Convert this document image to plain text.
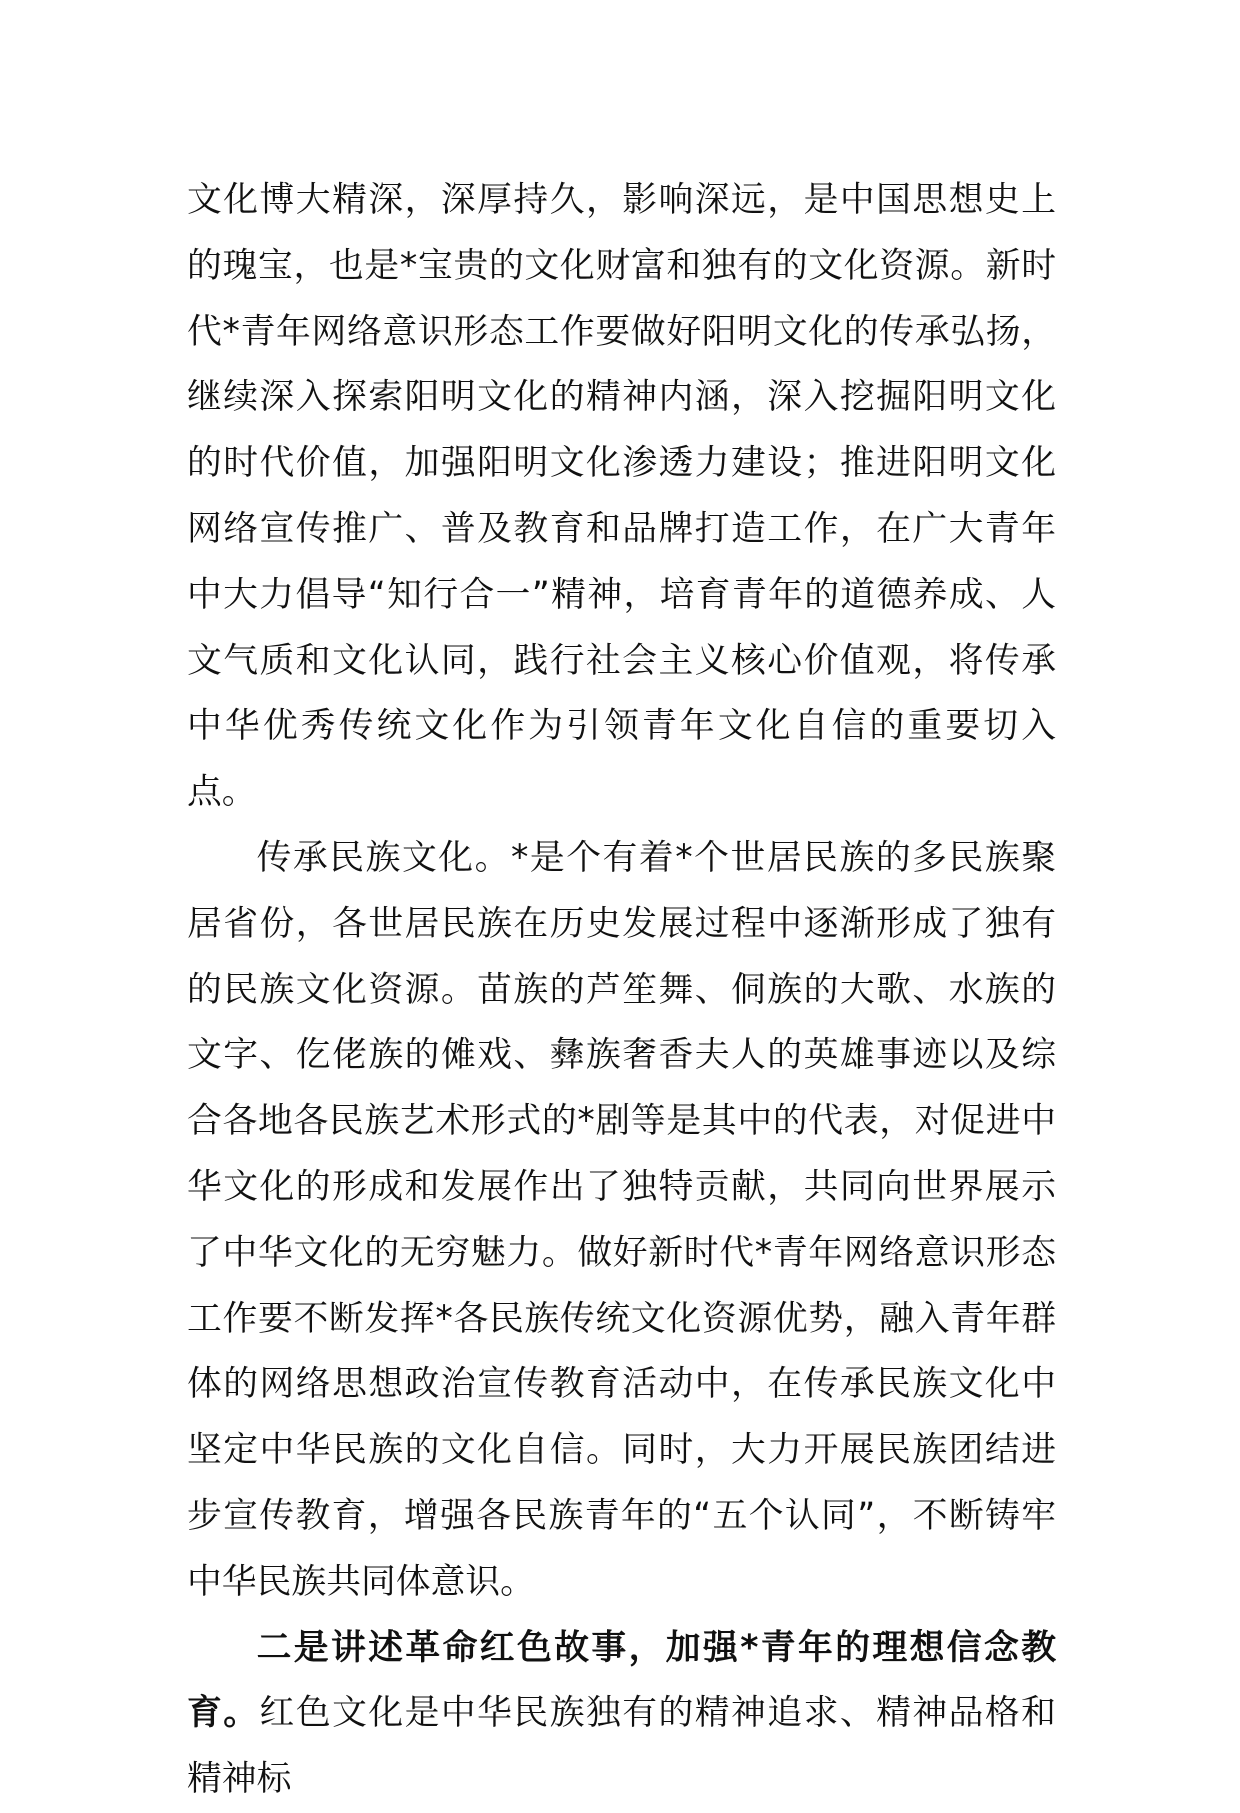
文化博大精深，深厚持久，影响深远，是中国思想史上的瑰宝，也是*宝贵的文化财富和独有的文化资源。新时代*青年网络意识形态工作要做好阳明文化的传承弘扬，继续深入探索阳明文化的精神内涵，深入挖掘阳明文化的时代价值，加强阳明文化渗透力建设；推进阳明文化网络宣传推广、普及教育和品牌打造工作，在广大青年中大力倡导“知行合一”精神，培育青年的道德养成、人文气质和文化认同，践行社会主义核心价值观，将传承中华优秀传统文化作为引领青年文化自信的重要切入点。

传承民族文化。*是个有着*个世居民族的多民族聚居省份，各世居民族在历史发展过程中逐渐形成了独有的民族文化资源。苗族的芦笙舞、侗族的大歌、水族的文字、仡佬族的傩戏、彝族奢香夫人的英雄事迹以及综合各地各民族艺术形式的*剧等是其中的代表，对促进中华文化的形成和发展作出了独特贡献，共同向世界展示了中华文化的无穷魅力。做好新时代*青年网络意识形态工作要不断发挥*各民族传统文化资源优势，融入青年群体的网络思想政治宣传教育活动中，在传承民族文化中坚定中华民族的文化自信。同时，大力开展民族团结进步宣传教育，增强各民族青年的“五个认同”，不断铸牢中华民族共同体意识。

二是讲述革命红色故事，加强*青年的理想信念教育。红色文化是中华民族独有的精神追求、精神品格和精神标
